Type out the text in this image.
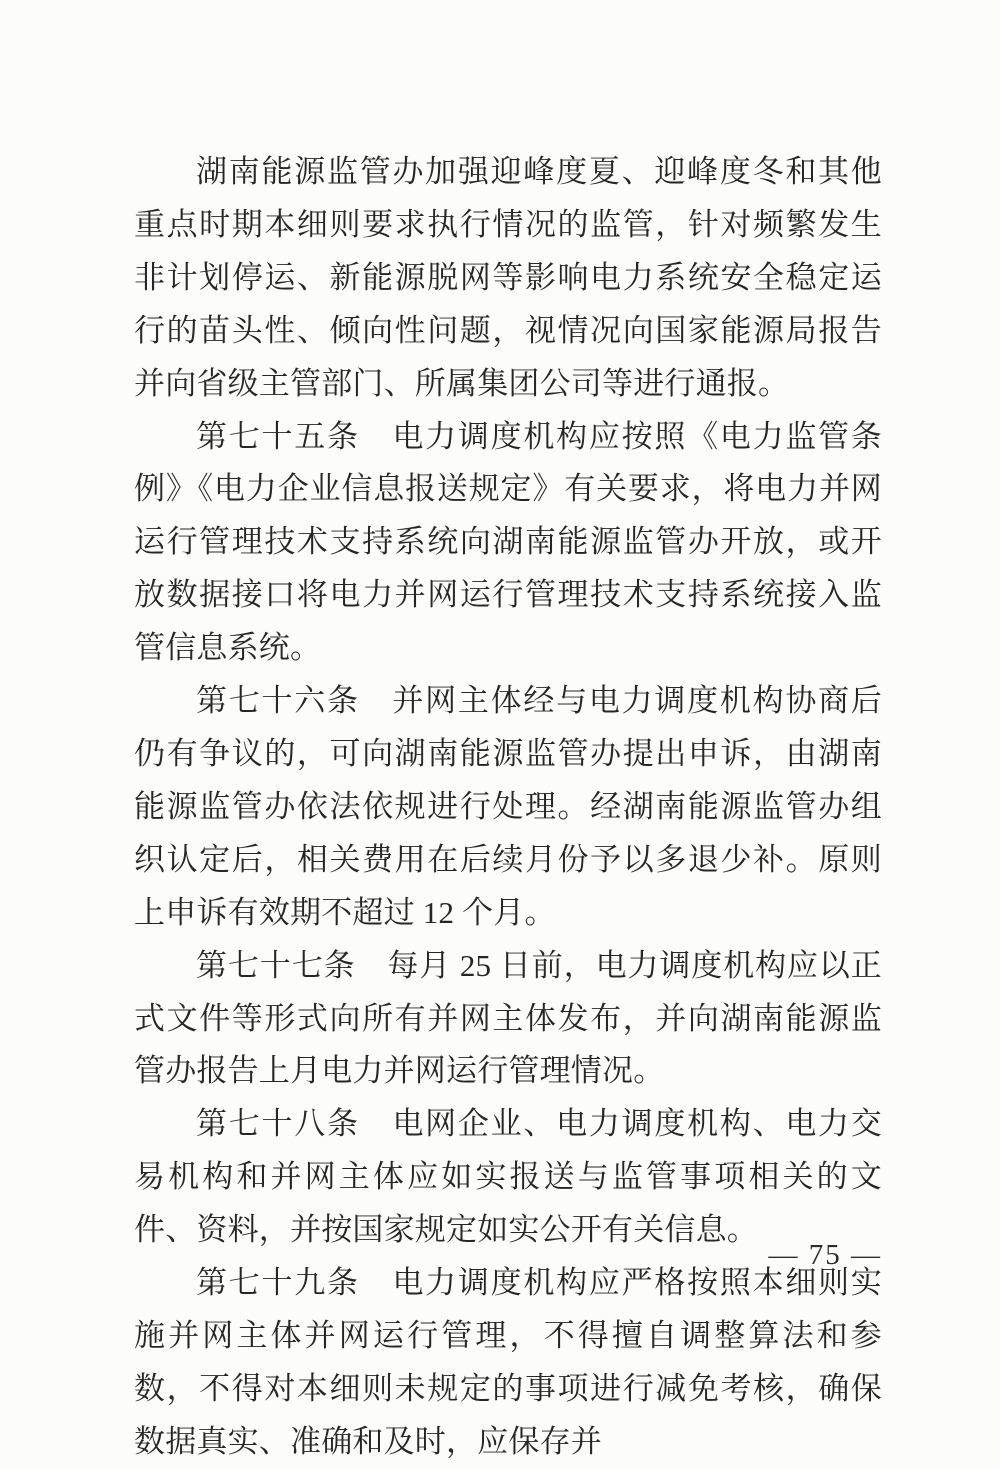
湖南能源监管办加强迎峰度夏、迎峰度冬和其他重点时期本细则要求执行情况的监管，针对频繁发生非计划停运、新能源脱网等影响电力系统安全稳定运行的苗头性、倾向性问题，视情况向国家能源局报告并向省级主管部门、所属集团公司等进行通报。

第七十五条　电力调度机构应按照《电力监管条例》《电力企业信息报送规定》有关要求，将电力并网运行管理技术支持系统向湖南能源监管办开放，或开放数据接口将电力并网运行管理技术支持系统接入监管信息系统。

第七十六条　并网主体经与电力调度机构协商后仍有争议的，可向湖南能源监管办提出申诉，由湖南能源监管办依法依规进行处理。经湖南能源监管办组织认定后，相关费用在后续月份予以多退少补。原则上申诉有效期不超过 12 个月。

第七十七条　每月 25 日前，电力调度机构应以正式文件等形式向所有并网主体发布，并向湖南能源监管办报告上月电力并网运行管理情况。

第七十八条　电网企业、电力调度机构、电力交易机构和并网主体应如实报送与监管事项相关的文件、资料，并按国家规定如实公开有关信息。

第七十九条　电力调度机构应严格按照本细则实施并网主体并网运行管理，不得擅自调整算法和参数，不得对本细则未规定的事项进行减免考核，确保数据真实、准确和及时，应保存并

— 75 —
